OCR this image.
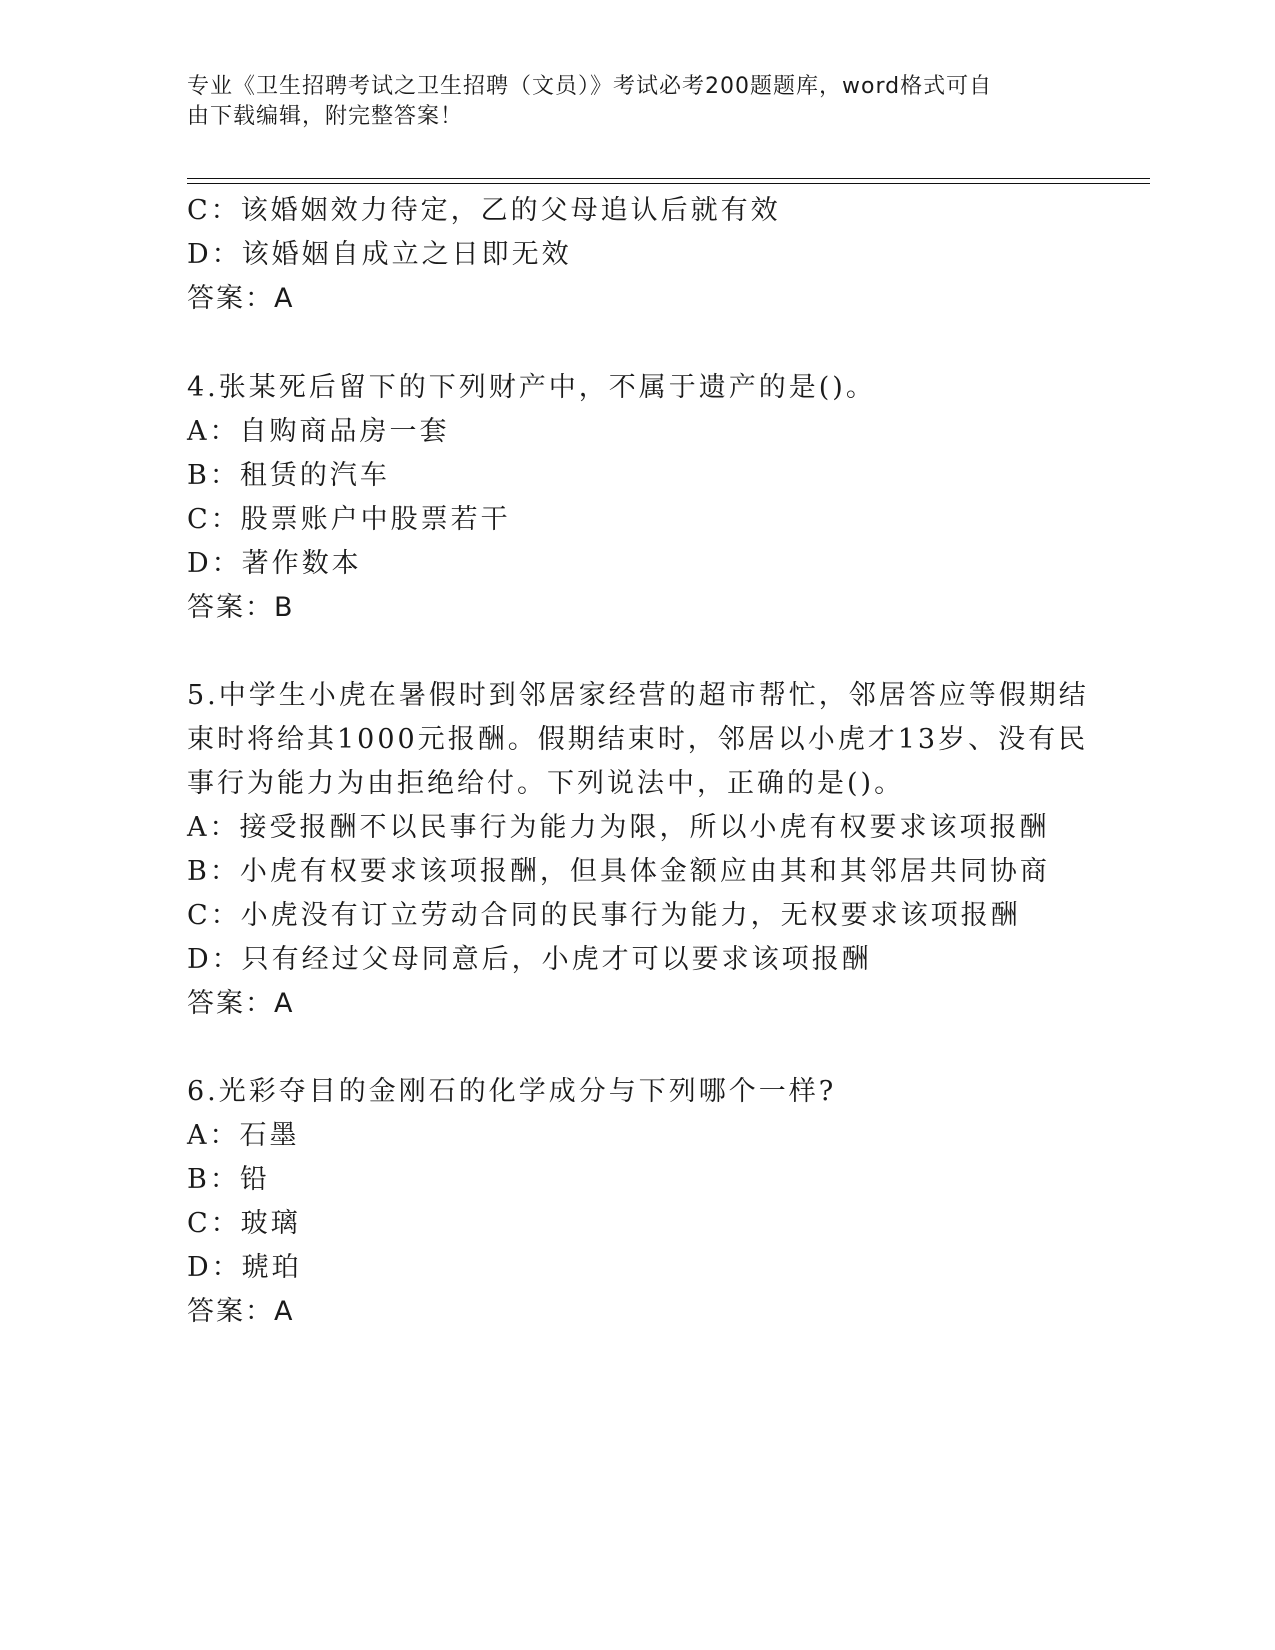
专业《卫生招聘考试之卫生招聘（文员）》考试必考200题题库，word格式可自
由下载编辑，附完整答案！
C：该婚姻效力待定，乙的父母追认后就有效
D：该婚姻自成立之日即无效
答案：A
4.张某死后留下的下列财产中，不属于遗产的是()。
A：自购商品房一套
B：租赁的汽车
C：股票账户中股票若干
D：著作数本
答案：B
5.中学生小虎在暑假时到邻居家经营的超市帮忙，邻居答应等假期结
束时将给其1000元报酬。假期结束时，邻居以小虎才13岁、没有民
事行为能力为由拒绝给付。下列说法中，正确的是()。
A：接受报酬不以民事行为能力为限，所以小虎有权要求该项报酬
B：小虎有权要求该项报酬，但具体金额应由其和其邻居共同协商
C：小虎没有订立劳动合同的民事行为能力，无权要求该项报酬
D：只有经过父母同意后，小虎才可以要求该项报酬
答案：A
6.光彩夺目的金刚石的化学成分与下列哪个一样?
A：石墨
B：铅
C：玻璃
D：琥珀
答案：A
